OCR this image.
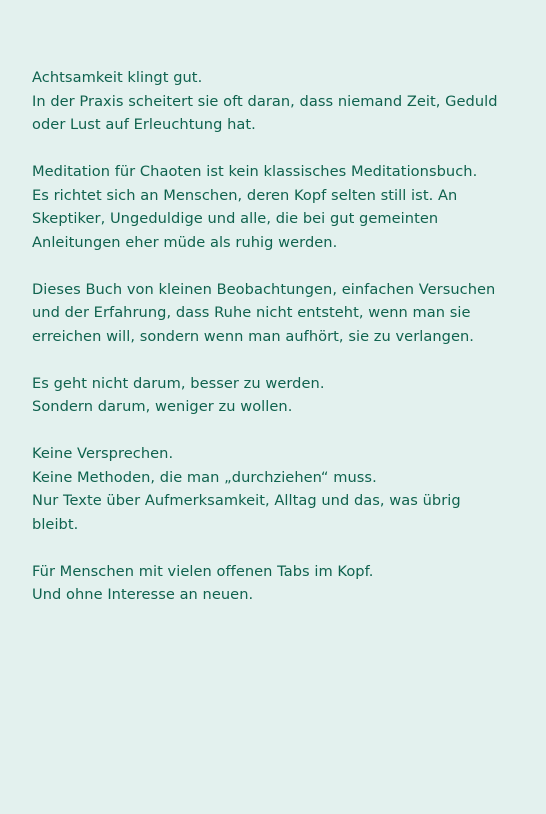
Achtsamkeit klingt gut.
In der Praxis scheitert sie oft daran, dass niemand Zeit, Geduld
oder Lust auf Erleuchtung hat.
Meditation für Chaoten ist kein klassisches Meditationsbuch.
Es richtet sich an Menschen, deren Kopf selten still ist. An
Skeptiker, Ungeduldige und alle, die bei gut gemeinten
Anleitungen eher müde als ruhig werden.
Dieses Buch von kleinen Beobachtungen, einfachen Versuchen
und der Erfahrung, dass Ruhe nicht entsteht, wenn man sie
erreichen will, sondern wenn man aufhört, sie zu verlangen.
Es geht nicht darum, besser zu werden.
Sondern darum, weniger zu wollen.
Keine Versprechen.
Keine Methoden, die man „durchziehen“ muss.
Nur Texte über Aufmerksamkeit, Alltag und das, was übrig
bleibt.
Für Menschen mit vielen offenen Tabs im Kopf.
Und ohne Interesse an neuen.
